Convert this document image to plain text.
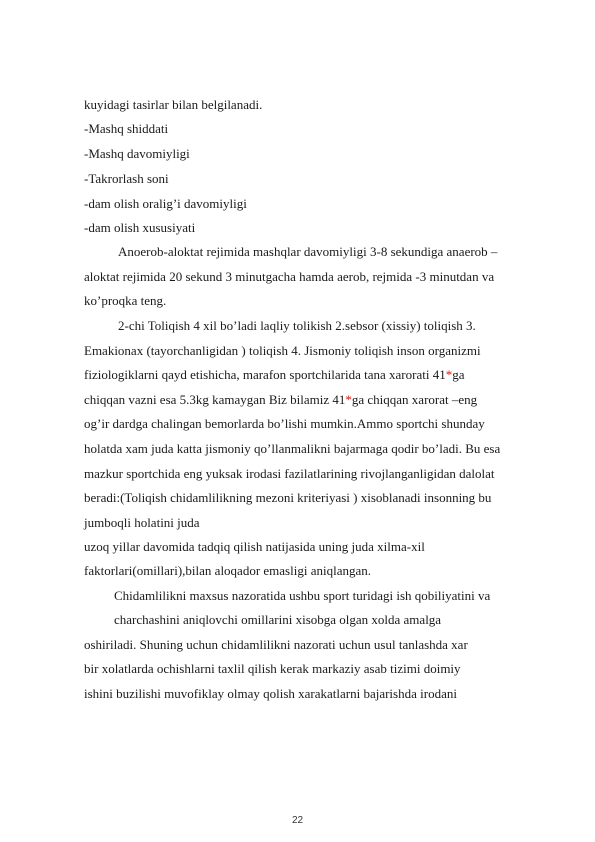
kuyidagi tasirlar bilan belgilanadi.
-Mashq shiddati
-Mashq davomiyligi
-Takrorlash soni
-dam olish oralig’i davomiyligi
-dam olish xususiyati
Anoerob-aloktat rejimida mashqlar davomiyligi 3-8 sekundiga anaerob –
aloktat rejimida 20 sekund 3 minutgacha hamda aerob, rejmida -3 minutdan va
ko’proqka teng.
2-chi Toliqish 4 xil bo’ladi laqliy tolikish 2.sebsor (xissiy) toliqish 3.
Emakionax (tayorchanligidan ) toliqish 4. Jismoniy toliqish inson organizmi
fiziologiklarni qayd etishicha, marafon sportchilarida tana xarorati 41*ga
chiqqan vazni esa 5.3kg kamaygan Biz bilamiz 41*ga chiqqan xarorat –eng
og’ir dardga chalingan bemorlarda bo’lishi mumkin.Ammo sportchi shunday
holatda xam juda katta jismoniy qo’llanmalikni bajarmaga qodir bo’ladi. Bu esa
mazkur sportchida eng yuksak irodasi fazilatlarining rivojlanganligidan dalolat
beradi:(Toliqish chidamlilikning mezoni kriteriyasi ) xisoblanadi insonning bu
jumboqli holatini juda
uzoq yillar davomida tadqiq qilish natijasida uning juda xilma-xil
faktorlari(omillari),bilan aloqador emasligi aniqlangan.
Chidamlilikni maxsus nazoratida ushbu sport turidagi ish qobiliyatini va
charchashini aniqlovchi omillarini xisobga olgan xolda amalga
oshiriladi. Shuning uchun chidamlilikni nazorati uchun usul tanlashda xar
bir xolatlarda ochishlarni taxlil qilish kerak markaziy asab tizimi doimiy
ishini buzilishi muvofiklay olmay qolish xarakatlarni bajarishda irodani
22
